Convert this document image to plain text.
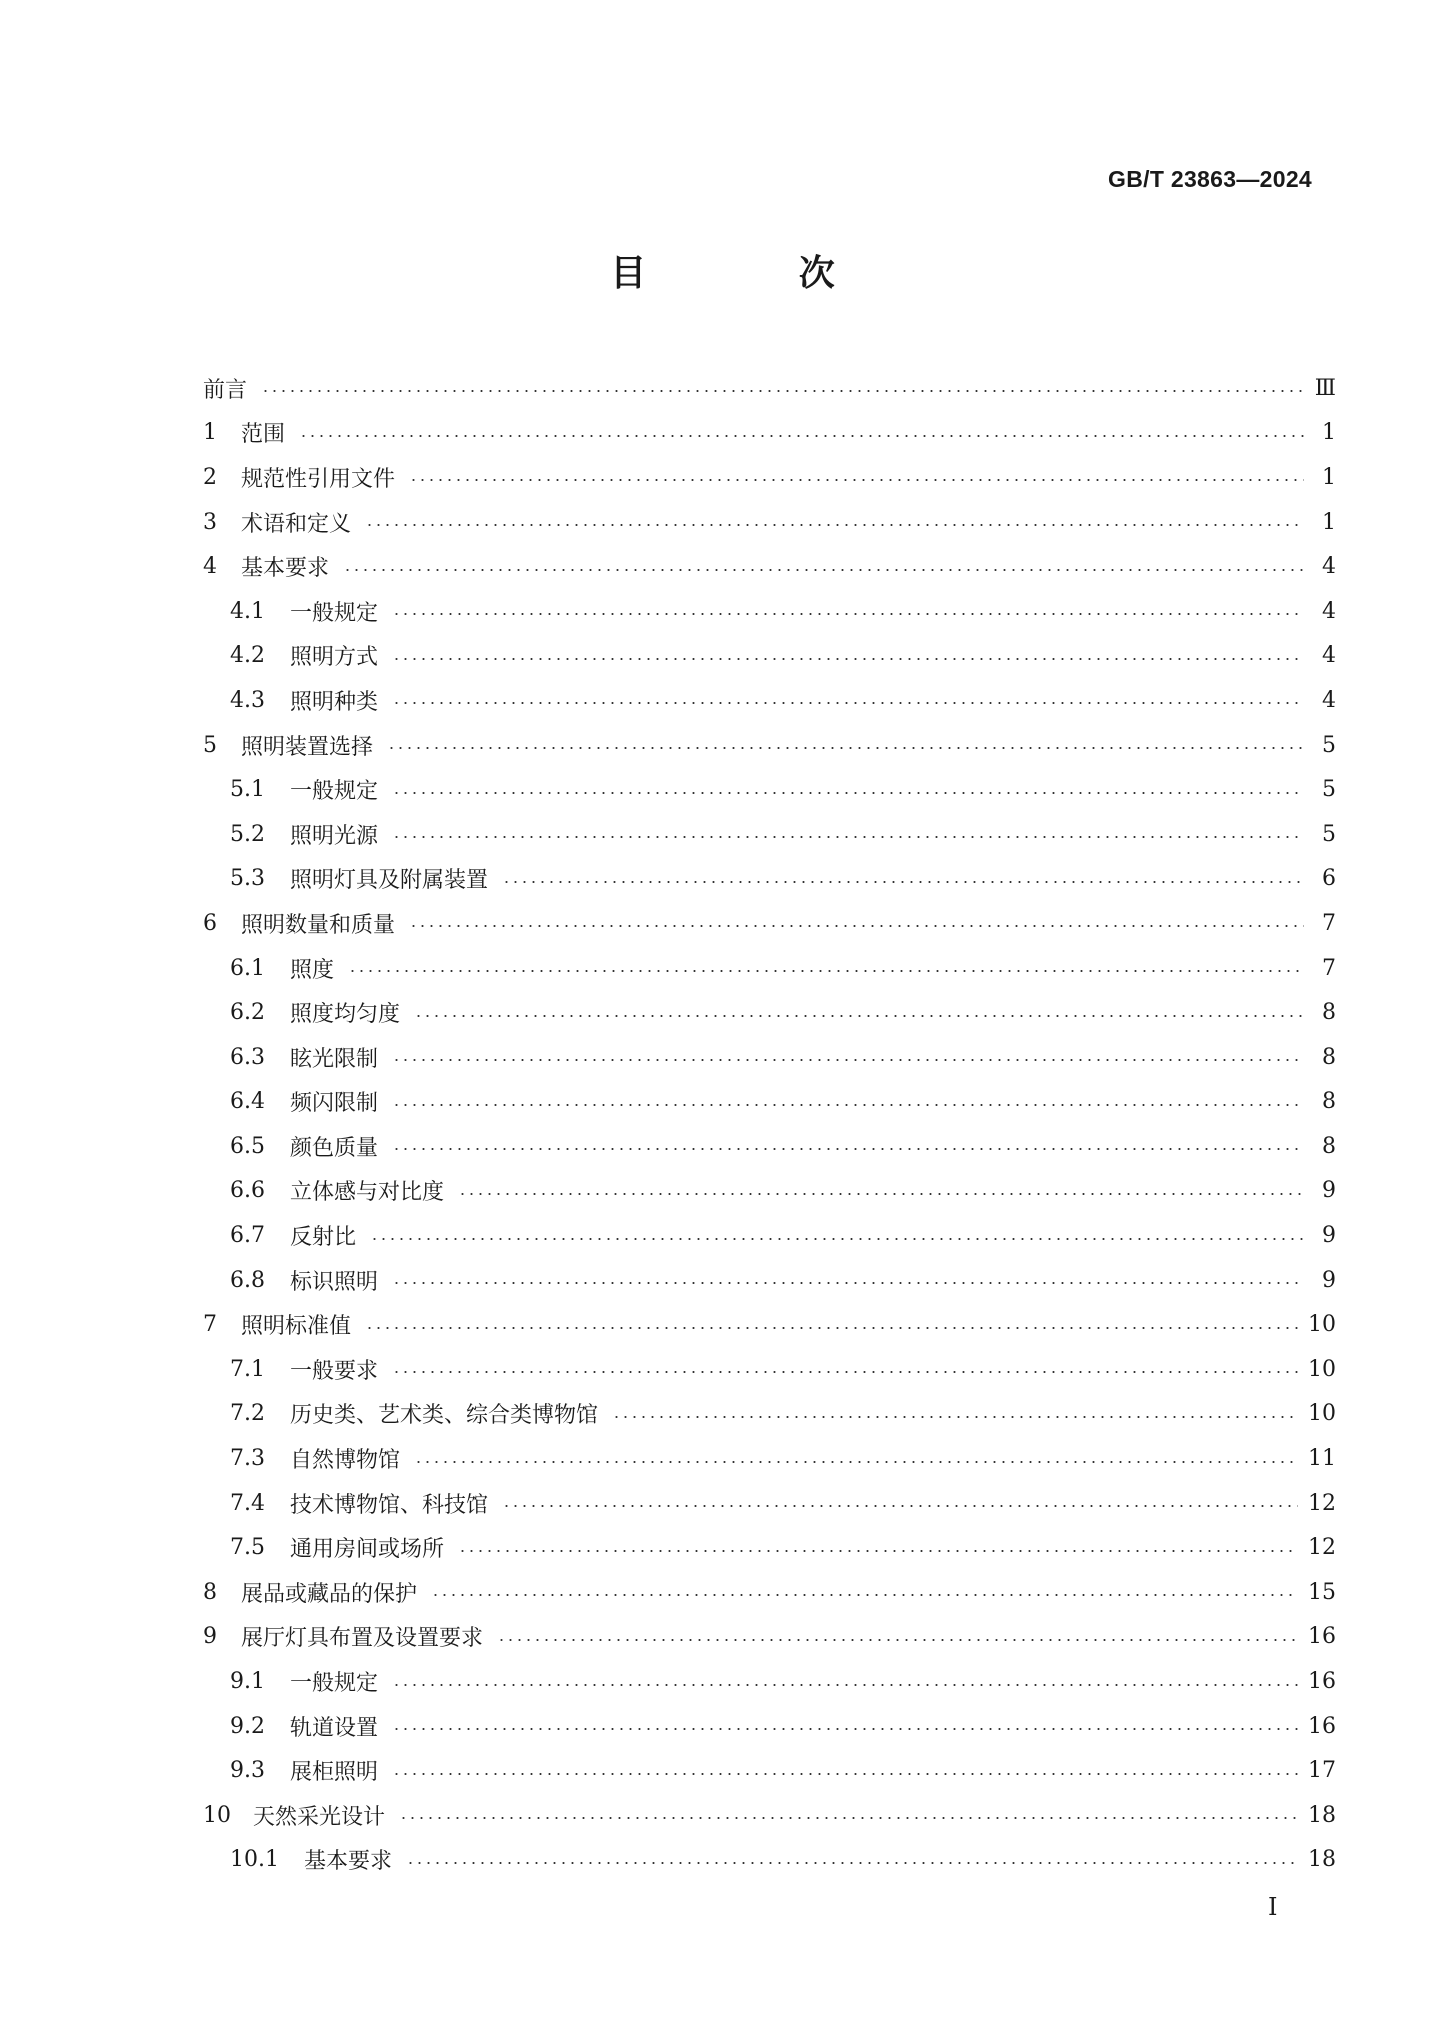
GB/T 23863—2024
目 次
前言	Ⅲ
1	范围	1
2	规范性引用文件	1
3	术语和定义	1
4	基本要求	4
4.1	一般规定	4
4.2	照明方式	4
4.3	照明种类	4
5	照明装置选择	5
5.1	一般规定	5
5.2	照明光源	5
5.3	照明灯具及附属装置	6
6	照明数量和质量	7
6.1	照度	7
6.2	照度均匀度	8
6.3	眩光限制	8
6.4	频闪限制	8
6.5	颜色质量	8
6.6	立体感与对比度	9
6.7	反射比	9
6.8	标识照明	9
7	照明标准值	10
7.1	一般要求	10
7.2	历史类、艺术类、综合类博物馆	10
7.3	自然博物馆	11
7.4	技术博物馆、科技馆	12
7.5	通用房间或场所	12
8	展品或藏品的保护	15
9	展厅灯具布置及设置要求	16
9.1	一般规定	16
9.2	轨道设置	16
9.3	展柜照明	17
10	天然采光设计	18
10.1	基本要求	18
I
